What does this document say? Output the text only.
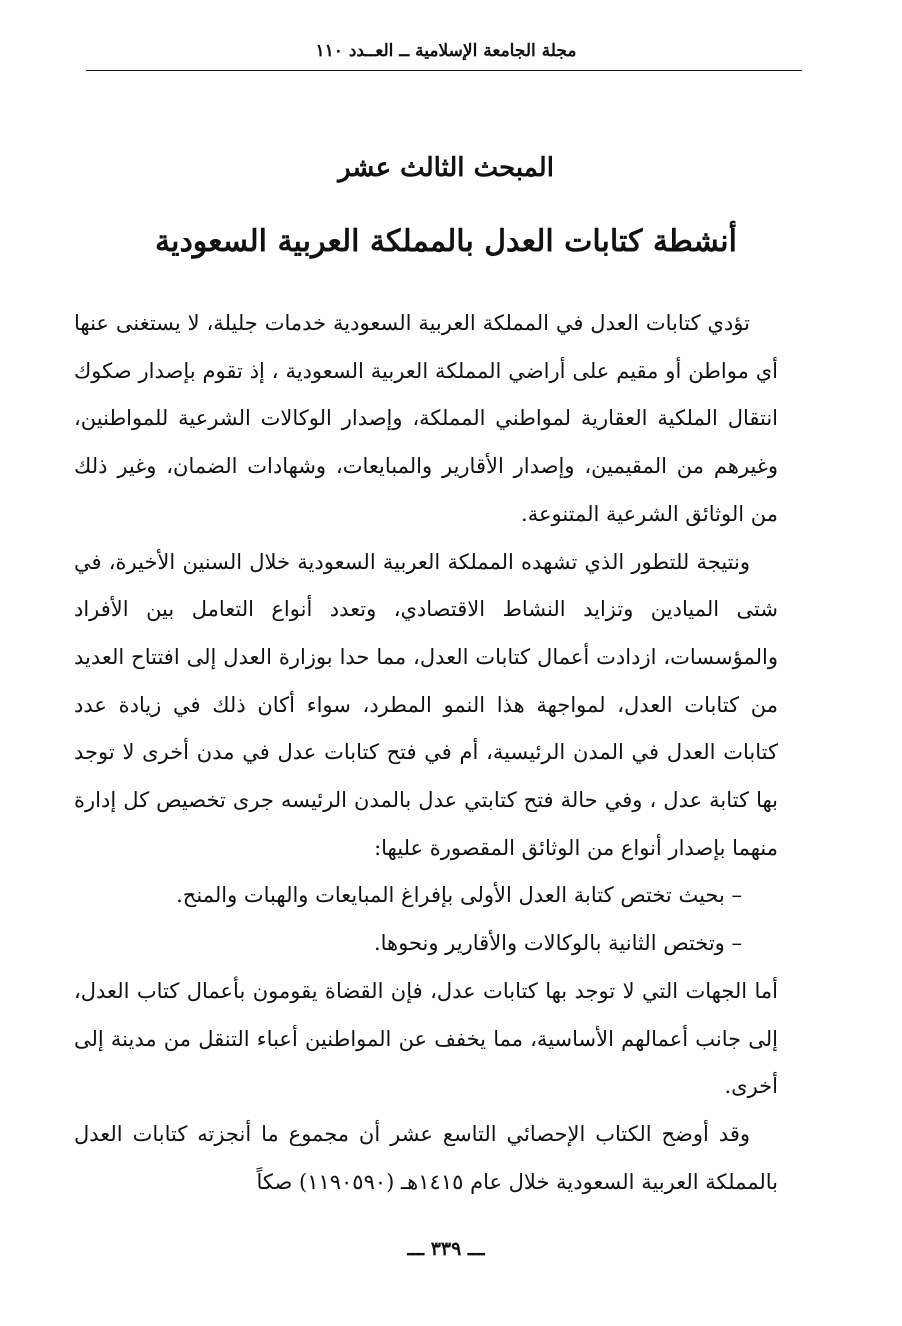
مجلة الجامعة الإسلامية ــ العــدد ١١٠
المبحث الثالث عشر
أنشطة كتابات العدل بالمملكة العربية السعودية

تؤدي كتابات العدل في المملكة العربية السعودية خدمات جليلة، لا يستغنى عنها أي مواطن أو مقيم على أراضي المملكة العربية السعودية ، إذ تقوم بإصدار صكوك انتقال الملكية العقارية لمواطني المملكة، وإصدار الوكالات الشرعية للمواطنين، وغيرهم من المقيمين، وإصدار الأقارير والمبايعات، وشهادات الضمان، وغير ذلك من الوثائق الشرعية المتنوعة.

ونتيجة للتطور الذي تشهده المملكة العربية السعودية خلال السنين الأخيرة، في شتى الميادين وتزايد النشاط الاقتصادي، وتعدد أنواع التعامل بين الأفراد والمؤسسات، ازدادت أعمال كتابات العدل، مما حدا بوزارة العدل إلى افتتاح العديد من كتابات العدل، لمواجهة هذا النمو المطرد، سواء أكان ذلك في زيادة عدد كتابات العدل في المدن الرئيسية، أم في فتح كتابات عدل في مدن أخرى لا توجد بها كتابة عدل ، وفي حالة فتح كتابتي عدل بالمدن الرئيسه جرى تخصيص كل إدارة منهما بإصدار أنواع من الوثائق المقصورة عليها:

– بحيث تختص كتابة العدل الأولى بإفراغ المبايعات والهبات والمنح.

– وتختص الثانية بالوكالات والأقارير ونحوها.

أما الجهات التي لا توجد بها كتابات عدل، فإن القضاة يقومون بأعمال كتاب العدل، إلى جانب أعمالهم الأساسية، مما يخفف عن المواطنين أعباء التنقل من مدينة إلى أخرى.

وقد أوضح الكتاب الإحصائي التاسع عشر أن مجموع ما أنجزته كتابات العدل بالمملكة العربية السعودية خلال عام ١٤١٥هـ (١١٩٠٥٩٠) صكاً

ـــ ٣٣٩ ـــ
